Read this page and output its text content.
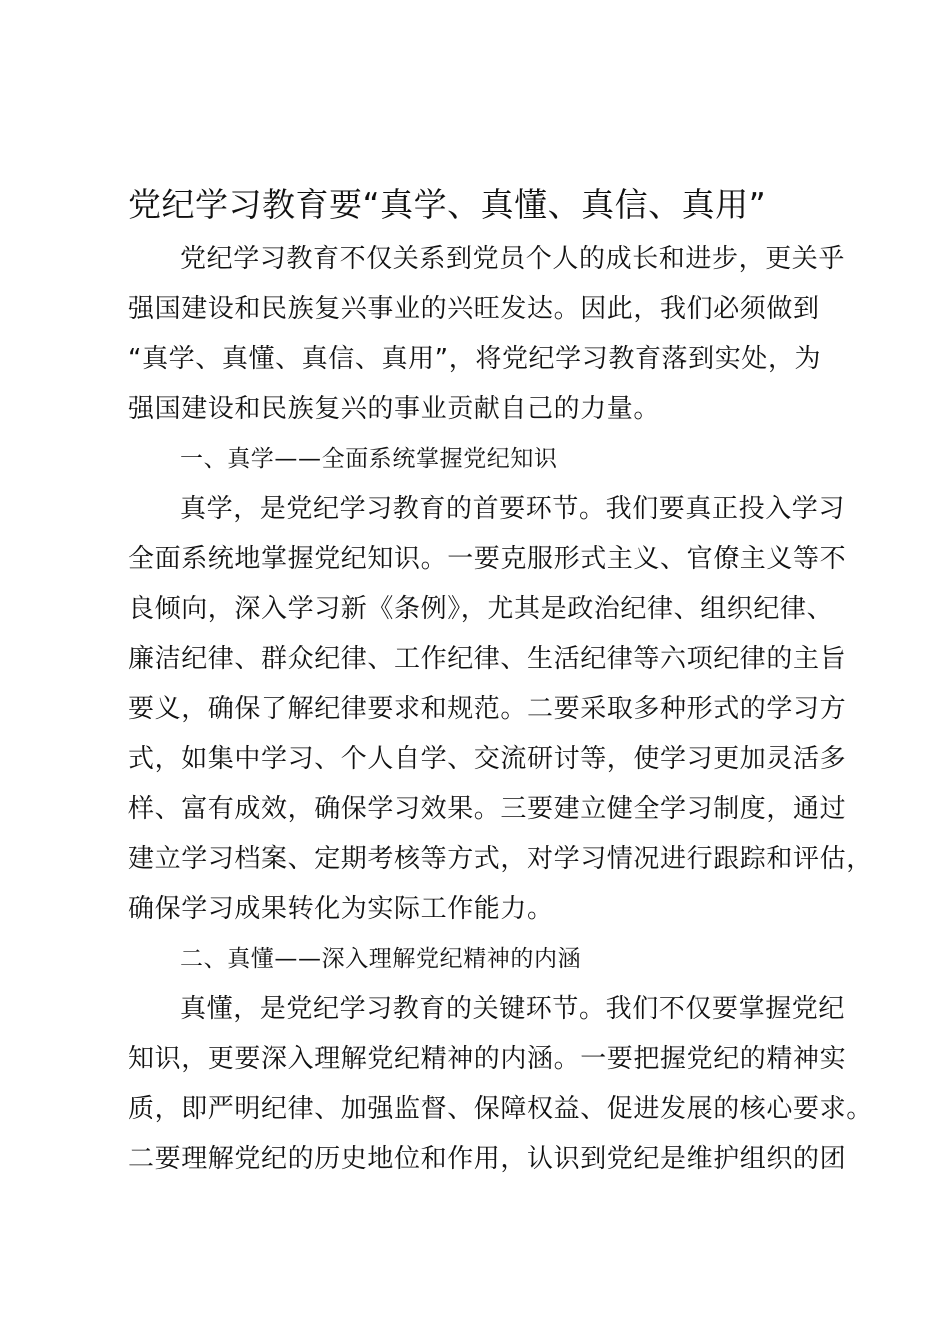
党纪学习教育要“真学、真懂、真信、真用”
党纪学习教育不仅关系到党员个人的成长和进步，更关乎
强国建设和民族复兴事业的兴旺发达。因此，我们必须做到
“真学、真懂、真信、真用”，将党纪学习教育落到实处，为
强国建设和民族复兴的事业贡献自己的力量。
一、真学——全面系统掌握党纪知识
真学，是党纪学习教育的首要环节。我们要真正投入学习
全面系统地掌握党纪知识。一要克服形式主义、官僚主义等不
良倾向，深入学习新《条例》，尤其是政治纪律、组织纪律、
廉洁纪律、群众纪律、工作纪律、生活纪律等六项纪律的主旨
要义，确保了解纪律要求和规范。二要采取多种形式的学习方
式，如集中学习、个人自学、交流研讨等，使学习更加灵活多
样、富有成效，确保学习效果。三要建立健全学习制度，通过
建立学习档案、定期考核等方式，对学习情况进行跟踪和评估，
确保学习成果转化为实际工作能力。
二、真懂——深入理解党纪精神的内涵
真懂，是党纪学习教育的关键环节。我们不仅要掌握党纪
知识，更要深入理解党纪精神的内涵。一要把握党纪的精神实
质，即严明纪律、加强监督、保障权益、促进发展的核心要求。
二要理解党纪的历史地位和作用，认识到党纪是维护组织的团
